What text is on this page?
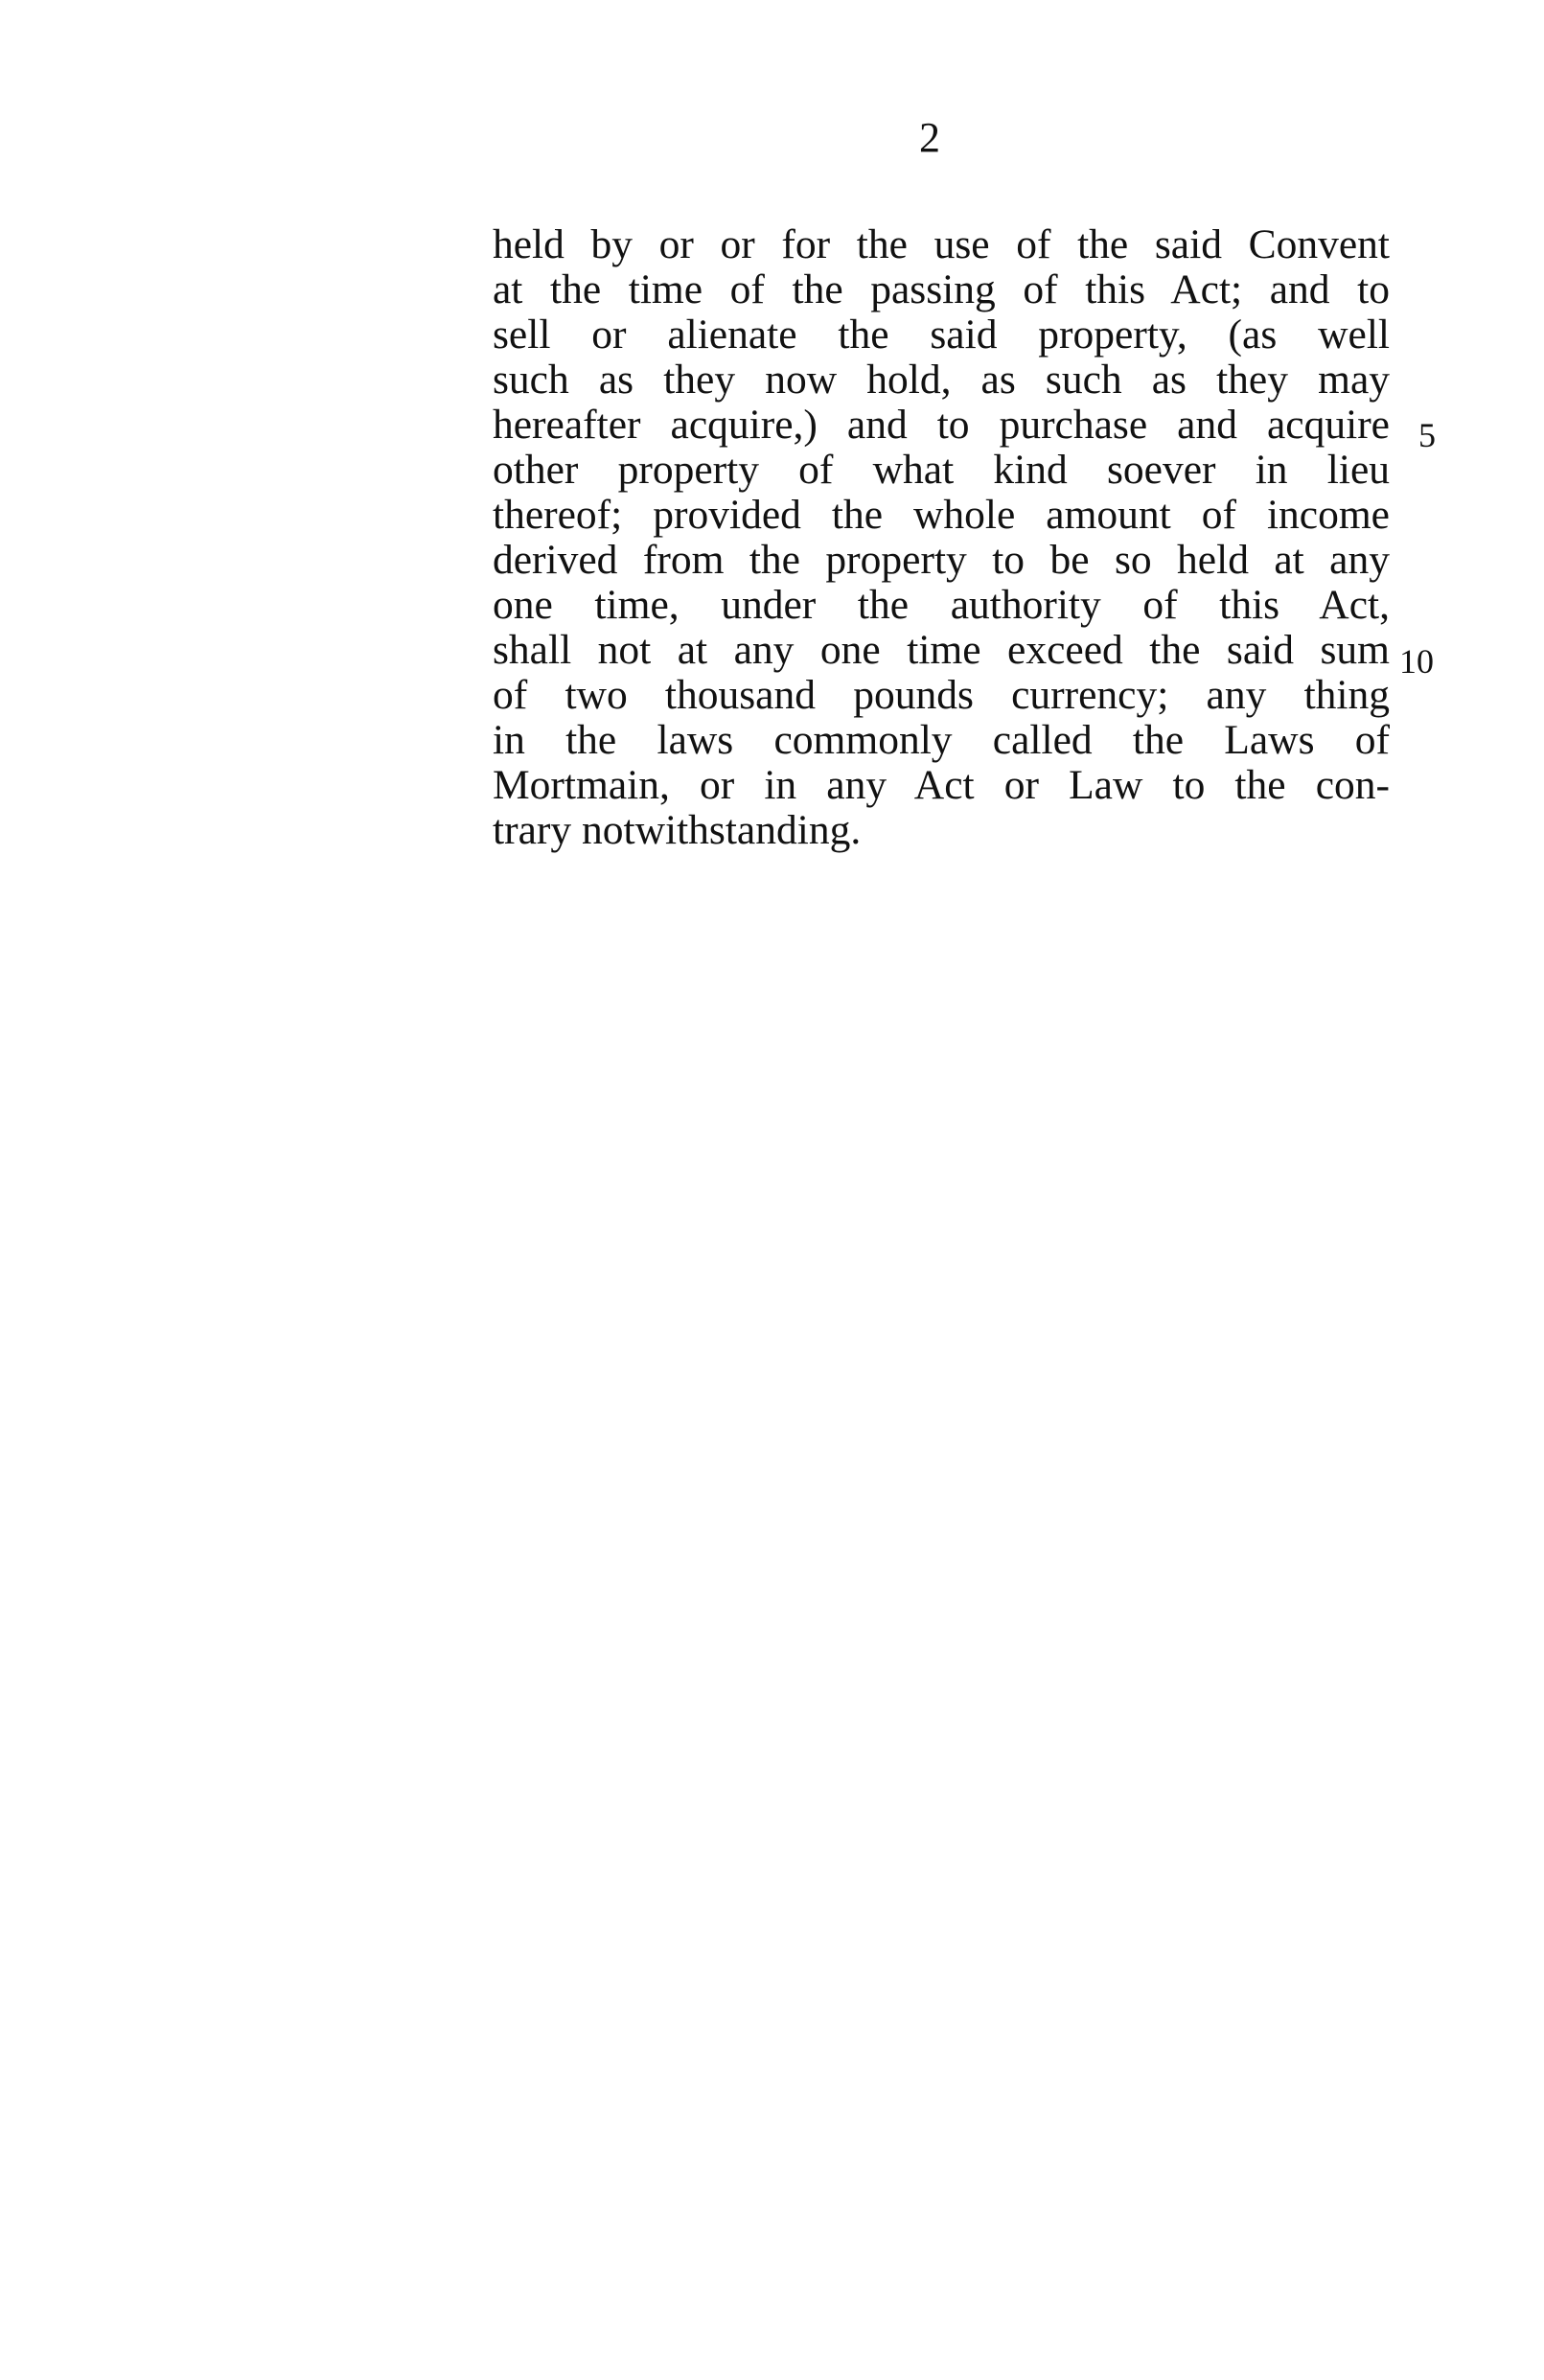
2
held by or or for the use of the said Convent
at the time of the passing of this Act; and to
sell or alienate the said property, (as well
such as they now hold, as such as they may
hereafter acquire,) and to purchase and acquire
other property of what kind soever in lieu
thereof; provided the whole amount of income
derived from the property to be so held at any
one time, under the authority of this Act,
shall not at any one time exceed the said sum
of two thousand pounds currency; any thing
in the laws commonly called the Laws of
Mortmain, or in any Act or Law to the con-
trary notwithstanding.
5
10
